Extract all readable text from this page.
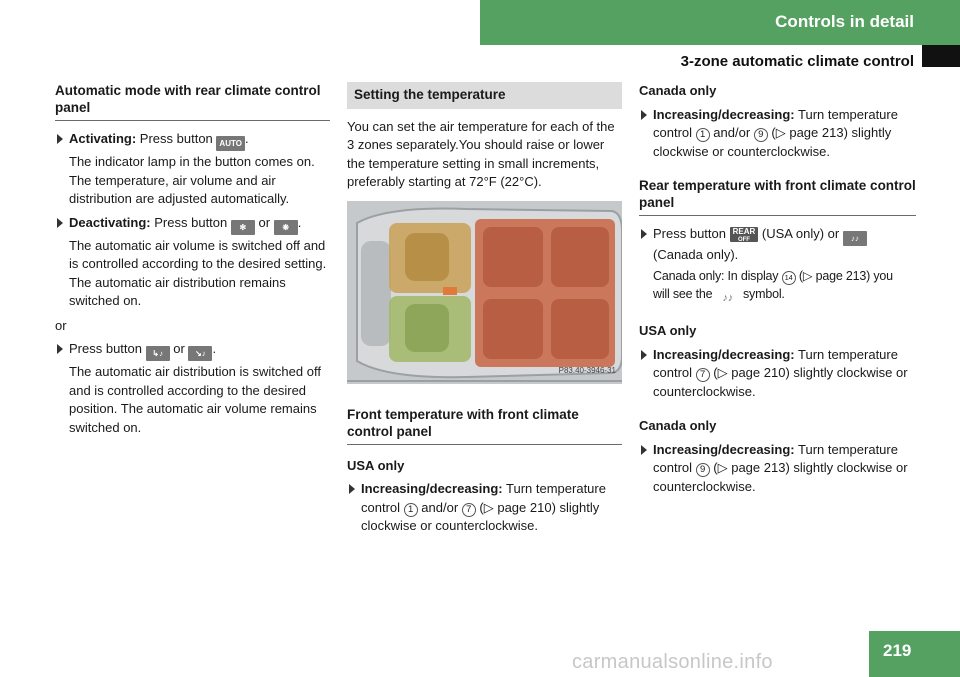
Controls in detail
3-zone automatic climate control
Automatic mode with rear climate control panel
Activating: Press button AUTO .
The indicator lamp in the button comes on. The temperature, air volume and air distribution are adjusted automatically.
Deactivating: Press button ✻ or ❋ .
The automatic air volume is switched off and is controlled according to the desired setting. The automatic air distribution remains switched on.
or
Press button ↳♪ or ↘♪ .
The automatic air distribution is switched off and is controlled according to the desired position. The automatic air volume remains switched on.
Setting the temperature
You can set the air temperature for each of the 3 zones separately.You should raise or lower the temperature setting in small increments, preferably starting at 72°F (22°C).
P83.40-3946-31
Front temperature with front climate control panel
USA only
Increasing/decreasing: Turn temperature control 1 and/or 7 (▷ page 210) slightly clockwise or counterclockwise.
Canada only
Increasing/decreasing: Turn temperature control 1 and/or 9 (▷ page 213) slightly clockwise or counterclockwise.
Rear temperature with front climate control panel
Press button REAR
OFF (USA only) or ♪♪ (Canada only).
Canada only: In display 14 (▷ page 213) you
will see the ♪♪ symbol.
USA only
Increasing/decreasing: Turn temperature control 7 (▷ page 210) slightly clockwise or counterclockwise.
Canada only
Increasing/decreasing: Turn temperature control 9 (▷ page 213) slightly clockwise or counterclockwise.
219
carmanualsonline.info
